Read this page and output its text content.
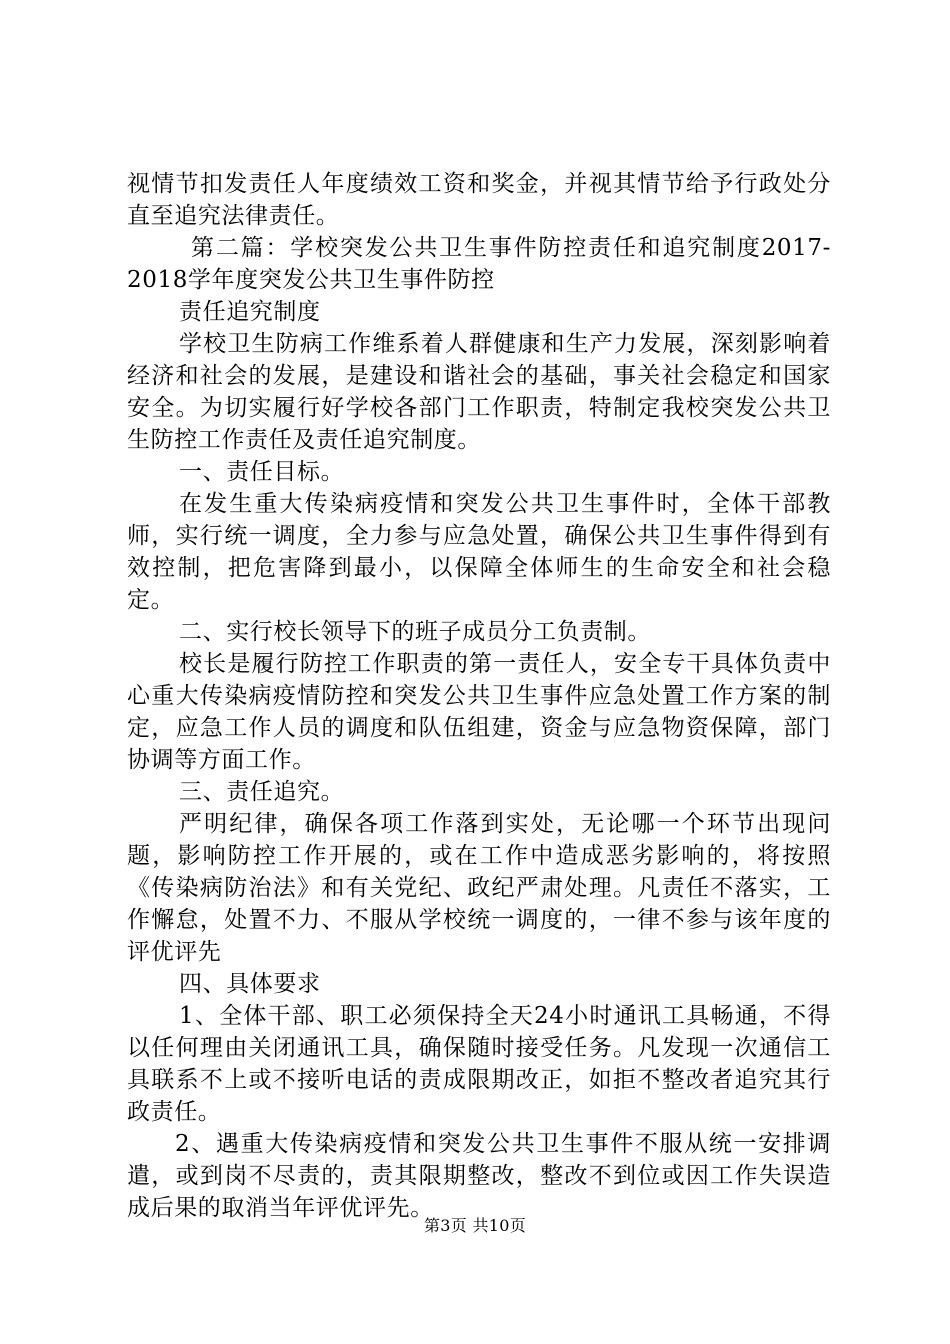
视情节扣发责任人年度绩效工资和奖金，并视其情节给予行政处分直至追究法律责任。

第二篇：学校突发公共卫生事件防控责任和追究制度2017-2018学年度突发公共卫生事件防控

责任追究制度

学校卫生防病工作维系着人群健康和生产力发展，深刻影响着经济和社会的发展，是建设和谐社会的基础，事关社会稳定和国家安全。为切实履行好学校各部门工作职责，特制定我校突发公共卫生防控工作责任及责任追究制度。

一、责任目标。

在发生重大传染病疫情和突发公共卫生事件时，全体干部教师，实行统一调度，全力参与应急处置，确保公共卫生事件得到有效控制，把危害降到最小，以保障全体师生的生命安全和社会稳定。

二、实行校长领导下的班子成员分工负责制。

校长是履行防控工作职责的第一责任人，安全专干具体负责中心重大传染病疫情防控和突发公共卫生事件应急处置工作方案的制定，应急工作人员的调度和队伍组建，资金与应急物资保障，部门协调等方面工作。

三、责任追究。

严明纪律，确保各项工作落到实处，无论哪一个环节出现问题，影响防控工作开展的，或在工作中造成恶劣影响的，将按照《传染病防治法》和有关党纪、政纪严肃处理。凡责任不落实，工作懈怠，处置不力、不服从学校统一调度的，一律不参与该年度的评优评先

四、具体要求

1、全体干部、职工必须保持全天24小时通讯工具畅通，不得以任何理由关闭通讯工具，确保随时接受任务。凡发现一次通信工具联系不上或不接听电话的责成限期改正，如拒不整改者追究其行政责任。

2、遇重大传染病疫情和突发公共卫生事件不服从统一安排调遣，或到岗不尽责的，责其限期整改，整改不到位或因工作失误造成后果的取消当年评优评先。

第3页 共10页
